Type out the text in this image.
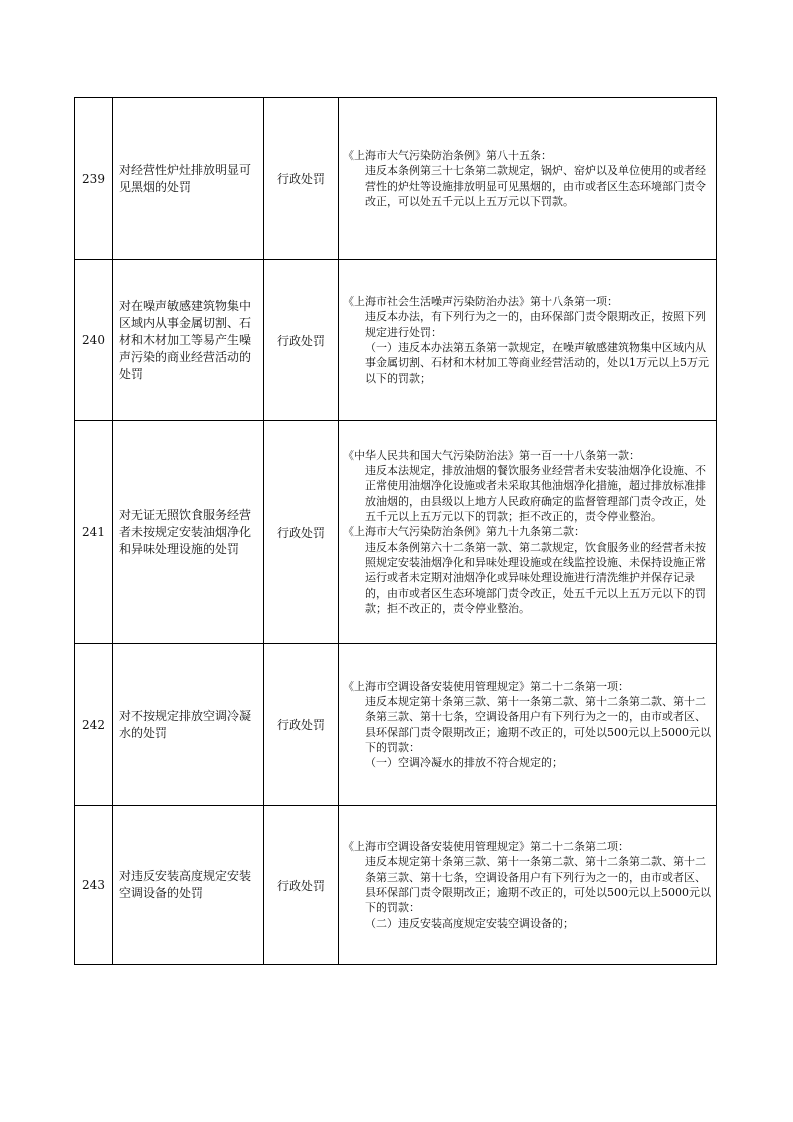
239	对经营性炉灶排放明显可见黑烟的处罚	行政处罚	《上海市大气污染防治条例》第八十五条：

违反本条例第三十七条第二款规定，锅炉、窑炉以及单位使用的或者经营性的炉灶等设施排放明显可见黑烟的，由市或者区生态环境部门责令改正，可以处五千元以上五万元以下罚款。

240	对在噪声敏感建筑物集中区域内从事金属切割、石材和木材加工等易产生噪声污染的商业经营活动的处罚	行政处罚	《上海市社会生活噪声污染防治办法》第十八条第一项：

违反本办法，有下列行为之一的，由环保部门责令限期改正，按照下列规定进行处罚：

（一）违反本办法第五条第一款规定，在噪声敏感建筑物集中区域内从事金属切割、石材和木材加工等商业经营活动的，处以1万元以上5万元以下的罚款；

241	对无证无照饮食服务经营者未按规定安装油烟净化和异味处理设施的处罚	行政处罚	《中华人民共和国大气污染防治法》第一百一十八条第一款：

违反本法规定，排放油烟的餐饮服务业经营者未安装油烟净化设施、不正常使用油烟净化设施或者未采取其他油烟净化措施，超过排放标准排放油烟的，由县级以上地方人民政府确定的监督管理部门责令改正，处五千元以上五万元以下的罚款；拒不改正的，责令停业整治。

《上海市大气污染防治条例》第九十九条第二款：

违反本条例第六十二条第一款、第二款规定，饮食服务业的经营者未按照规定安装油烟净化和异味处理设施或在线监控设施、未保持设施正常运行或者未定期对油烟净化或异味处理设施进行清洗维护并保存记录的，由市或者区生态环境部门责令改正，处五千元以上五万元以下的罚款；拒不改正的，责令停业整治。

242	对不按规定排放空调冷凝水的处罚	行政处罚	《上海市空调设备安装使用管理规定》第二十二条第一项：

违反本规定第十条第三款、第十一条第二款、第十二条第二款、第十二条第三款、第十七条，空调设备用户有下列行为之一的，由市或者区、县环保部门责令限期改正；逾期不改正的，可处以500元以上5000元以下的罚款：

（一）空调冷凝水的排放不符合规定的；

243	对违反安装高度规定安装空调设备的处罚	行政处罚	《上海市空调设备安装使用管理规定》第二十二条第二项：

违反本规定第十条第三款、第十一条第二款、第十二条第二款、第十二条第三款、第十七条，空调设备用户有下列行为之一的，由市或者区、县环保部门责令限期改正；逾期不改正的，可处以500元以上5000元以下的罚款：

（二）违反安装高度规定安装空调设备的；
